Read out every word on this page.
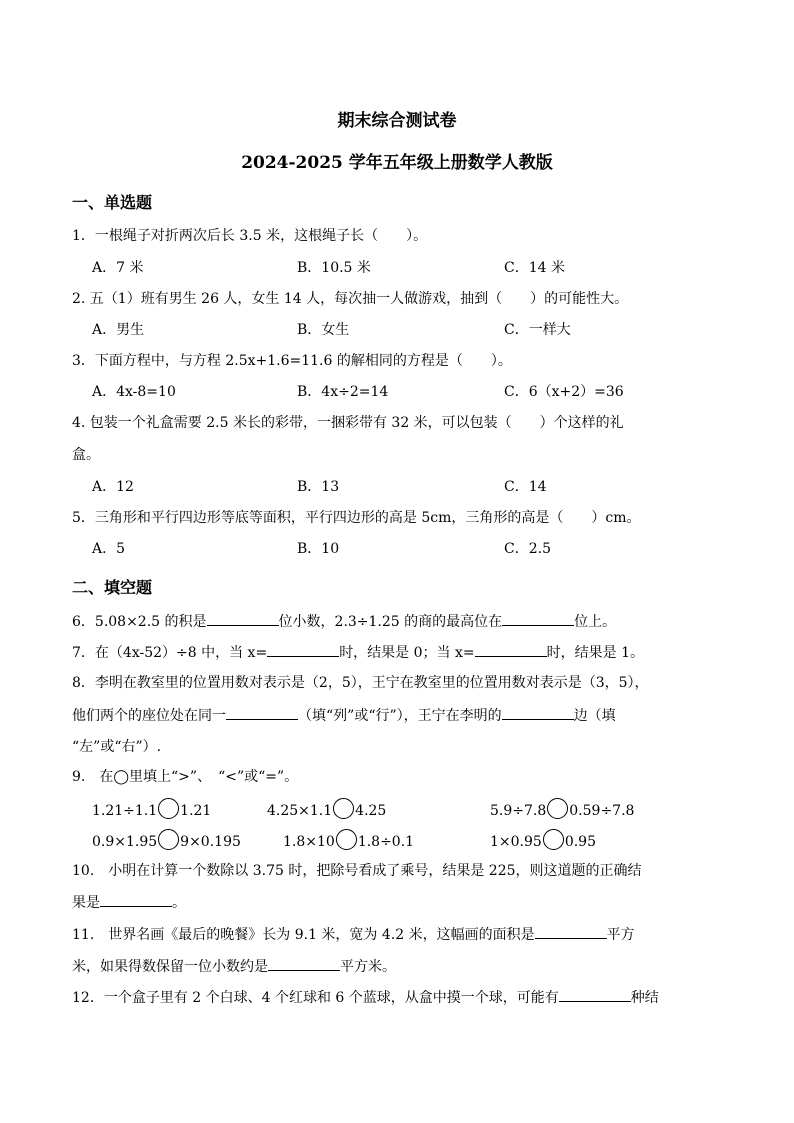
期末综合测试卷
2024-2025 学年五年级上册数学人教版
一、单选题
1．一根绳子对折两次后长 3.5 米，这根绳子长（　　）。
A．7 米	B．10.5 米	C．14 米
2. 五（1）班有男生 26 人，女生 14 人，每次抽一人做游戏，抽到（　　）的可能性大。
A．男生	B．女生	C．一样大
3．下面方程中，与方程 2.5x+1.6=11.6 的解相同的方程是（　　）。
A．4x-8=10	B．4x÷2=14	C．6（x+2）=36
4. 包装一个礼盒需要 2.5 米长的彩带，一捆彩带有 32 米，可以包装（　　）个这样的礼
盒。
A．12	B．13	C．14
5．三角形和平行四边形等底等面积，平行四边形的高是 5cm，三角形的高是（　　）cm。
A．5	B．10	C．2.5
二、填空题
6．5.08×2.5 的积是	位小数，2.3÷1.25 的商的最高位在	位上。
7．在（4x-52）÷8 中，当 x=	时，结果是 0；当 x=	时，结果是 1。
8．李明在教室里的位置用数对表示是（2，5），王宁在教室里的位置用数对表示是（3，5），
他们两个的座位处在同一	（填“列”或“行”），王宁在李明的	边（填
“左”或“右”）.
9.　在◯里填上“>”、　“<”或“=”。
1.21÷1.1 1.21	4.25×1.1 4.25	5.9÷7.8 0.59÷7.8
0.9×1.95 9×0.195	1.8×10 1.8÷0.1	1×0.95 0.95
10.　小明在计算一个数除以 3.75 时，把除号看成了乘号，结果是 225，则这道题的正确结
果是	。
11.　世界名画《最后的晚餐》长为 9.1 米，宽为 4.2 米，这幅画的面积是	平方
米，如果得数保留一位小数约是	平方米。
12．一个盒子里有 2 个白球、4 个红球和 6 个蓝球，从盒中摸一个球，可能有	种结
